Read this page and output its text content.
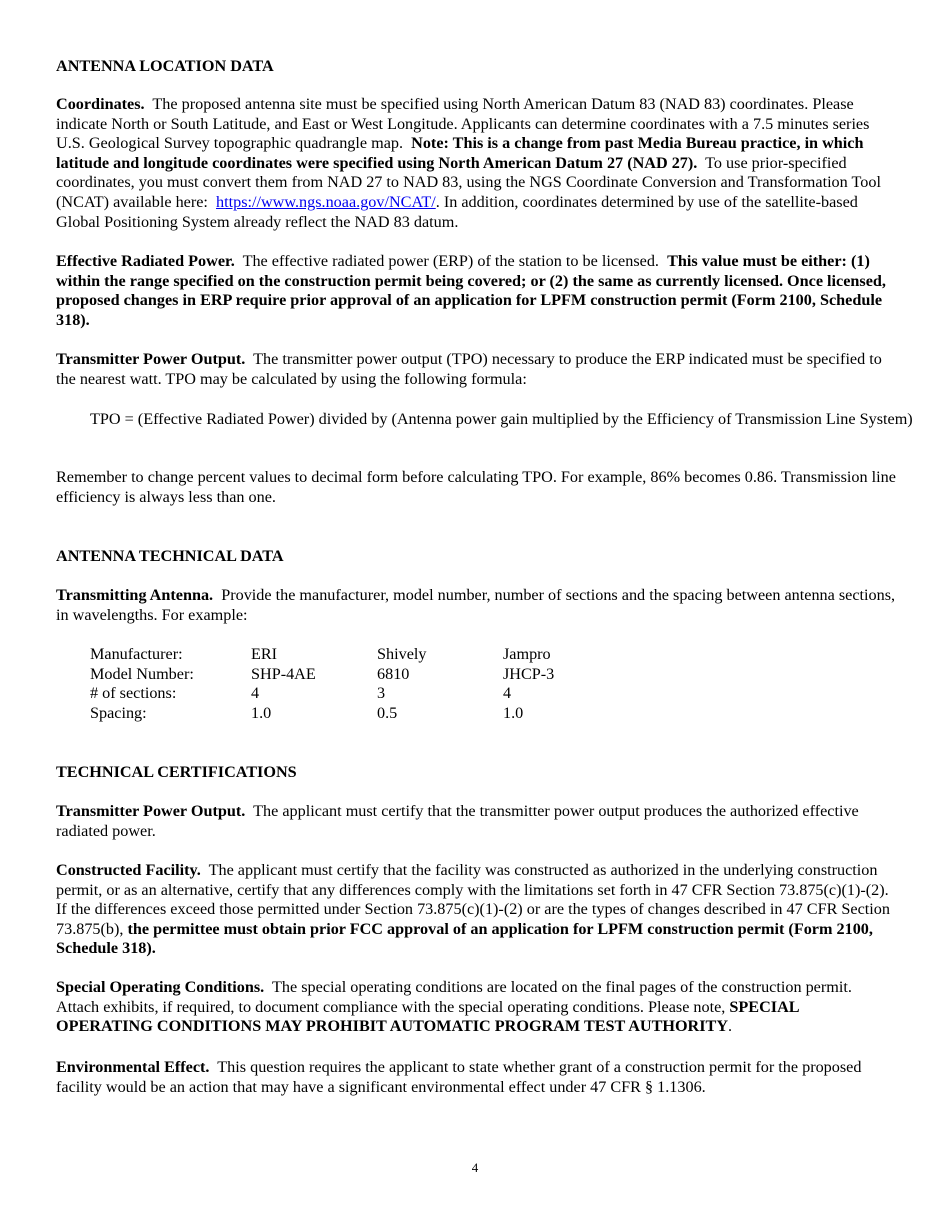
ANTENNA LOCATION DATA

Coordinates. The proposed antenna site must be specified using North American Datum 83 (NAD 83) coordinates. Please indicate North or South Latitude, and East or West Longitude. Applicants can determine coordinates with a 7.5 minutes series U.S. Geological Survey topographic quadrangle map. Note: This is a change from past Media Bureau practice, in which latitude and longitude coordinates were specified using North American Datum 27 (NAD 27). To use prior-specified coordinates, you must convert them from NAD 27 to NAD 83, using the NGS Coordinate Conversion and Transformation Tool (NCAT) available here: https://www.ngs.noaa.gov/NCAT/. In addition, coordinates determined by use of the satellite-based Global Positioning System already reflect the NAD 83 datum.

Effective Radiated Power. The effective radiated power (ERP) of the station to be licensed. This value must be either: (1) within the range specified on the construction permit being covered; or (2) the same as currently licensed. Once licensed, proposed changes in ERP require prior approval of an application for LPFM construction permit (Form 2100, Schedule 318).

Transmitter Power Output. The transmitter power output (TPO) necessary to produce the ERP indicated must be specified to the nearest watt. TPO may be calculated by using the following formula:

TPO = (Effective Radiated Power) divided by (Antenna power gain multiplied by the Efficiency of Transmission Line System)
Remember to change percent values to decimal form before calculating TPO. For example, 86% becomes 0.86. Transmission line efficiency is always less than one.
ANTENNA TECHNICAL DATA

Transmitting Antenna. Provide the manufacturer, model number, number of sections and the spacing between antenna sections, in wavelengths. For example:

Manufacturer:	ERI	Shively	Jampro
Model Number:	SHP-4AE	6810	JHCP-3
# of sections:	4	3	4
Spacing:	1.0	0.5	1.0
TECHNICAL CERTIFICATIONS

Transmitter Power Output. The applicant must certify that the transmitter power output produces the authorized effective radiated power.

Constructed Facility. The applicant must certify that the facility was constructed as authorized in the underlying construction permit, or as an alternative, certify that any differences comply with the limitations set forth in 47 CFR Section 73.875(c)(1)-(2). If the differences exceed those permitted under Section 73.875(c)(1)-(2) or are the types of changes described in 47 CFR Section 73.875(b), the permittee must obtain prior FCC approval of an application for LPFM construction permit (Form 2100, Schedule 318).

Special Operating Conditions. The special operating conditions are located on the final pages of the construction permit. Attach exhibits, if required, to document compliance with the special operating conditions. Please note, SPECIAL OPERATING CONDITIONS MAY PROHIBIT AUTOMATIC PROGRAM TEST AUTHORITY.

Environmental Effect. This question requires the applicant to state whether grant of a construction permit for the proposed facility would be an action that may have a significant environmental effect under 47 CFR § 1.1306.

4
